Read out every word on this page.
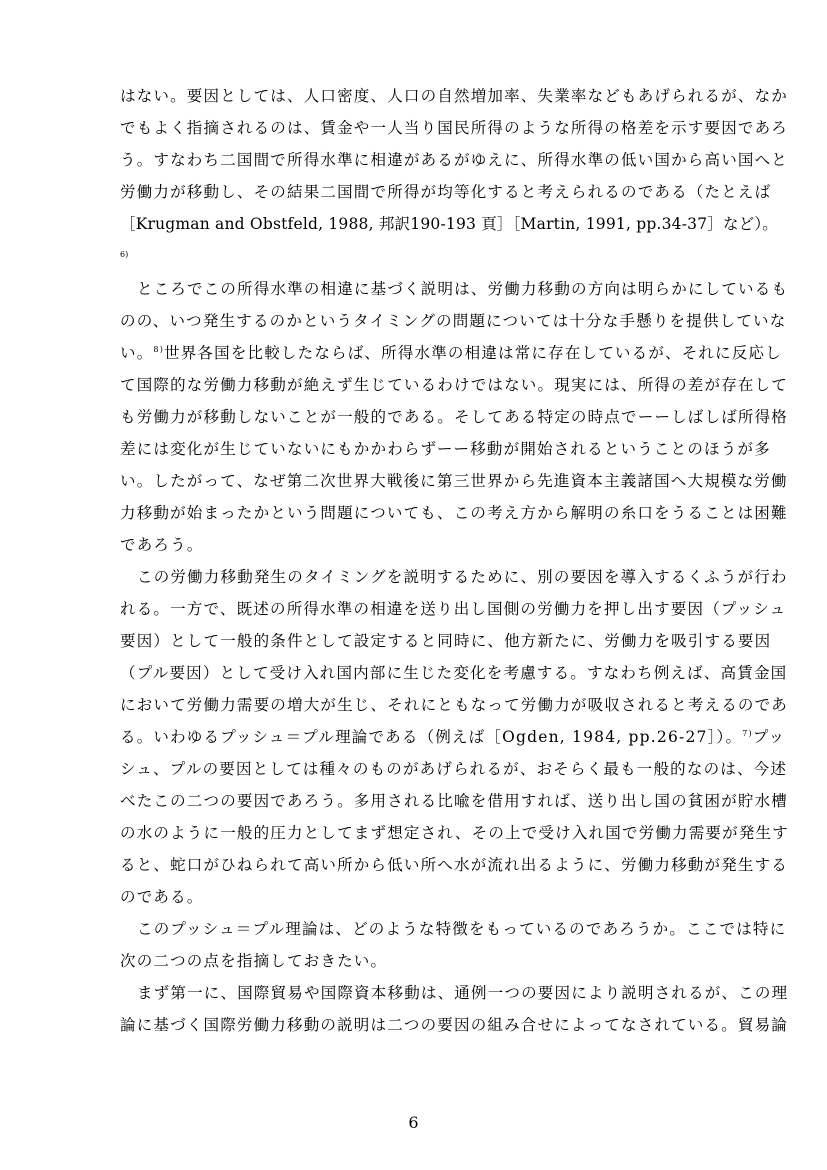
はない。要因としては、人口密度、人口の自然増加率、失業率などもあげられるが、なか
でもよく指摘されるのは、賃金や一人当り国民所得のような所得の格差を示す要因であろ
う。すなわち二国間で所得水準に相違があるがゆえに、所得水準の低い国から高い国へと
労働力が移動し、その結果二国間で所得が均等化すると考えられるのである（たとえば
［Krugman and Obstfeld, 1988, 邦訳190-193 頁］［Martin, 1991, pp.34-37］など）。
6)
ところでこの所得水準の相違に基づく説明は、労働力移動の方向は明らかにしているも
のの、いつ発生するのかというタイミングの問題については十分な手懸りを提供していな
い。$^{8)}$世界各国を比較したならば、所得水準の相違は常に存在しているが、それに反応し
て国際的な労働力移動が絶えず生じているわけではない。現実には、所得の差が存在して
も労働力が移動しないことが一般的である。そしてある特定の時点でーーしばしば所得格
差には変化が生じていないにもかかわらずーー移動が開始されるということのほうが多
い。したがって、なぜ第二次世界大戦後に第三世界から先進資本主義諸国へ大規模な労働
力移動が始まったかという問題についても、この考え方から解明の糸口をうることは困難
であろう。
この労働力移動発生のタイミングを説明するために、別の要因を導入するくふうが行わ
れる。一方で、既述の所得水準の相違を送り出し国側の労働力を押し出す要因（プッシュ
要因）として一般的条件として設定すると同時に、他方新たに、労働力を吸引する要因
（プル要因）として受け入れ国内部に生じた変化を考慮する。すなわち例えば、高賃金国
において労働力需要の増大が生じ、それにともなって労働力が吸収されると考えるのであ
る。いわゆるプッシュ＝プル理論である（例えば［Ogden, 1984, pp.26-27］）。$^{7)}$プッ
シュ、プルの要因としては種々のものがあげられるが、おそらく最も一般的なのは、今述
べたこの二つの要因であろう。多用される比喩を借用すれば、送り出し国の貧困が貯水槽
の水のように一般的圧力としてまず想定され、その上で受け入れ国で労働力需要が発生す
ると、蛇口がひねられて高い所から低い所へ水が流れ出るように、労働力移動が発生する
のである。
このプッシュ＝プル理論は、どのような特徴をもっているのであろうか。ここでは特に
次の二つの点を指摘しておきたい。
まず第一に、国際貿易や国際資本移動は、通例一つの要因により説明されるが、この理
論に基づく国際労働力移動の説明は二つの要因の組み合せによってなされている。貿易論
6
